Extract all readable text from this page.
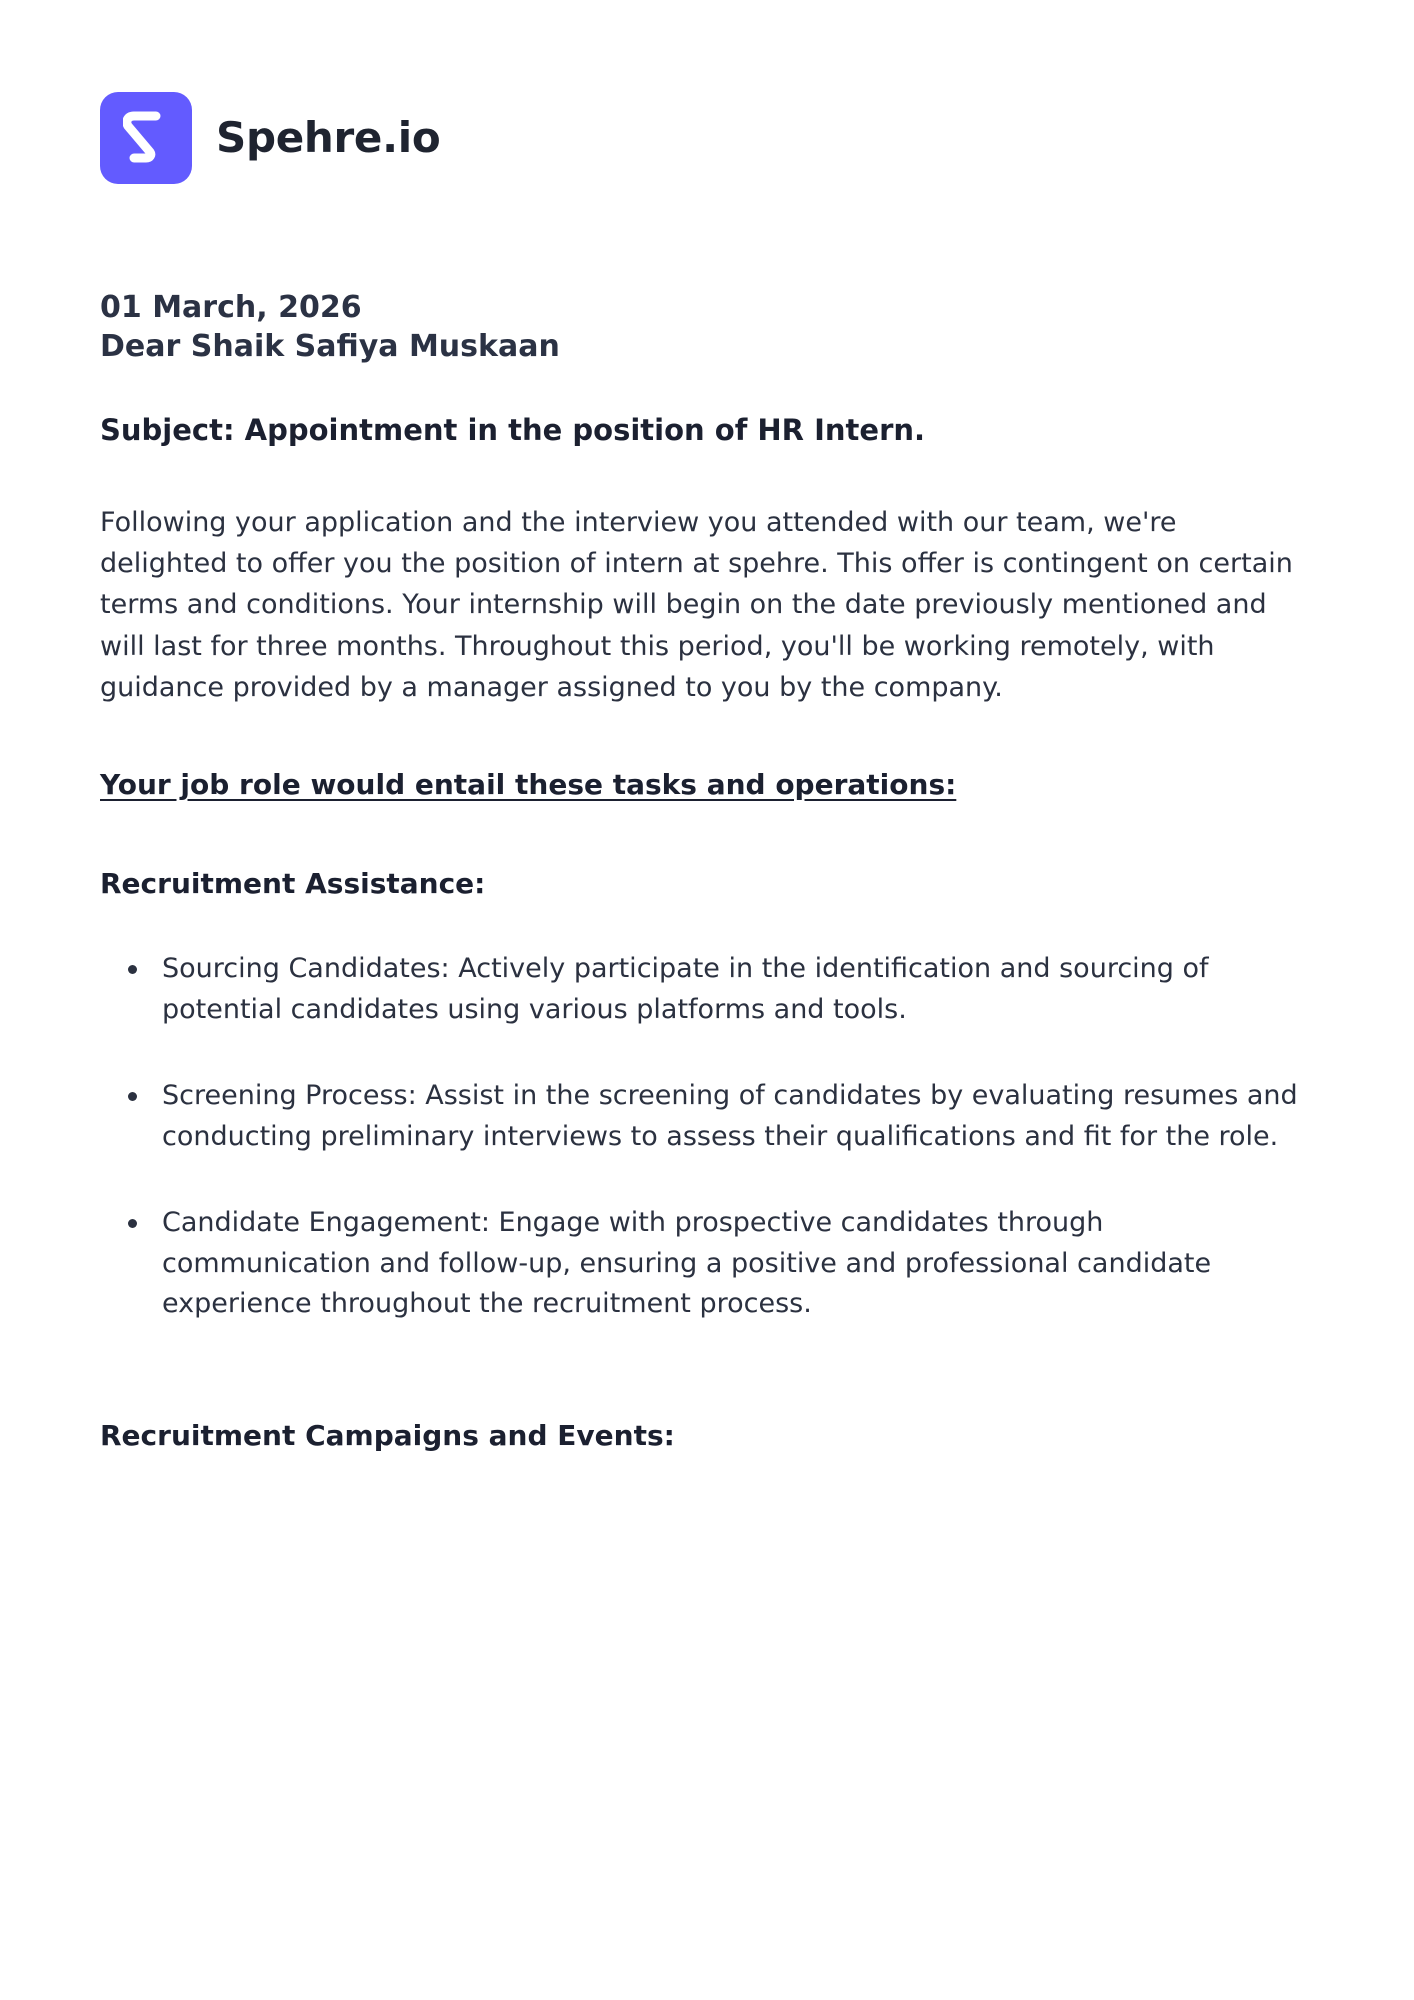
Spehre.io
01 March, 2026
Dear Shaik Safiya Muskaan
Subject: Appointment in the position of HR Intern.

Following your application and the interview you attended with our team, we're delighted to offer you the position of intern at spehre. This offer is contingent on certain terms and conditions. Your internship will begin on the date previously mentioned and will last for three months. Throughout this period, you'll be working remotely, with guidance provided by a manager assigned to you by the company.

Your job role would entail these tasks and operations:
Recruitment Assistance:
Sourcing Candidates: Actively participate in the identification and sourcing of potential candidates using various platforms and tools.
Screening Process: Assist in the screening of candidates by evaluating resumes and conducting preliminary interviews to assess their qualifications and fit for the role.
Candidate Engagement: Engage with prospective candidates through communication and follow-up, ensuring a positive and professional candidate experience throughout the recruitment process.
Recruitment Campaigns and Events:
